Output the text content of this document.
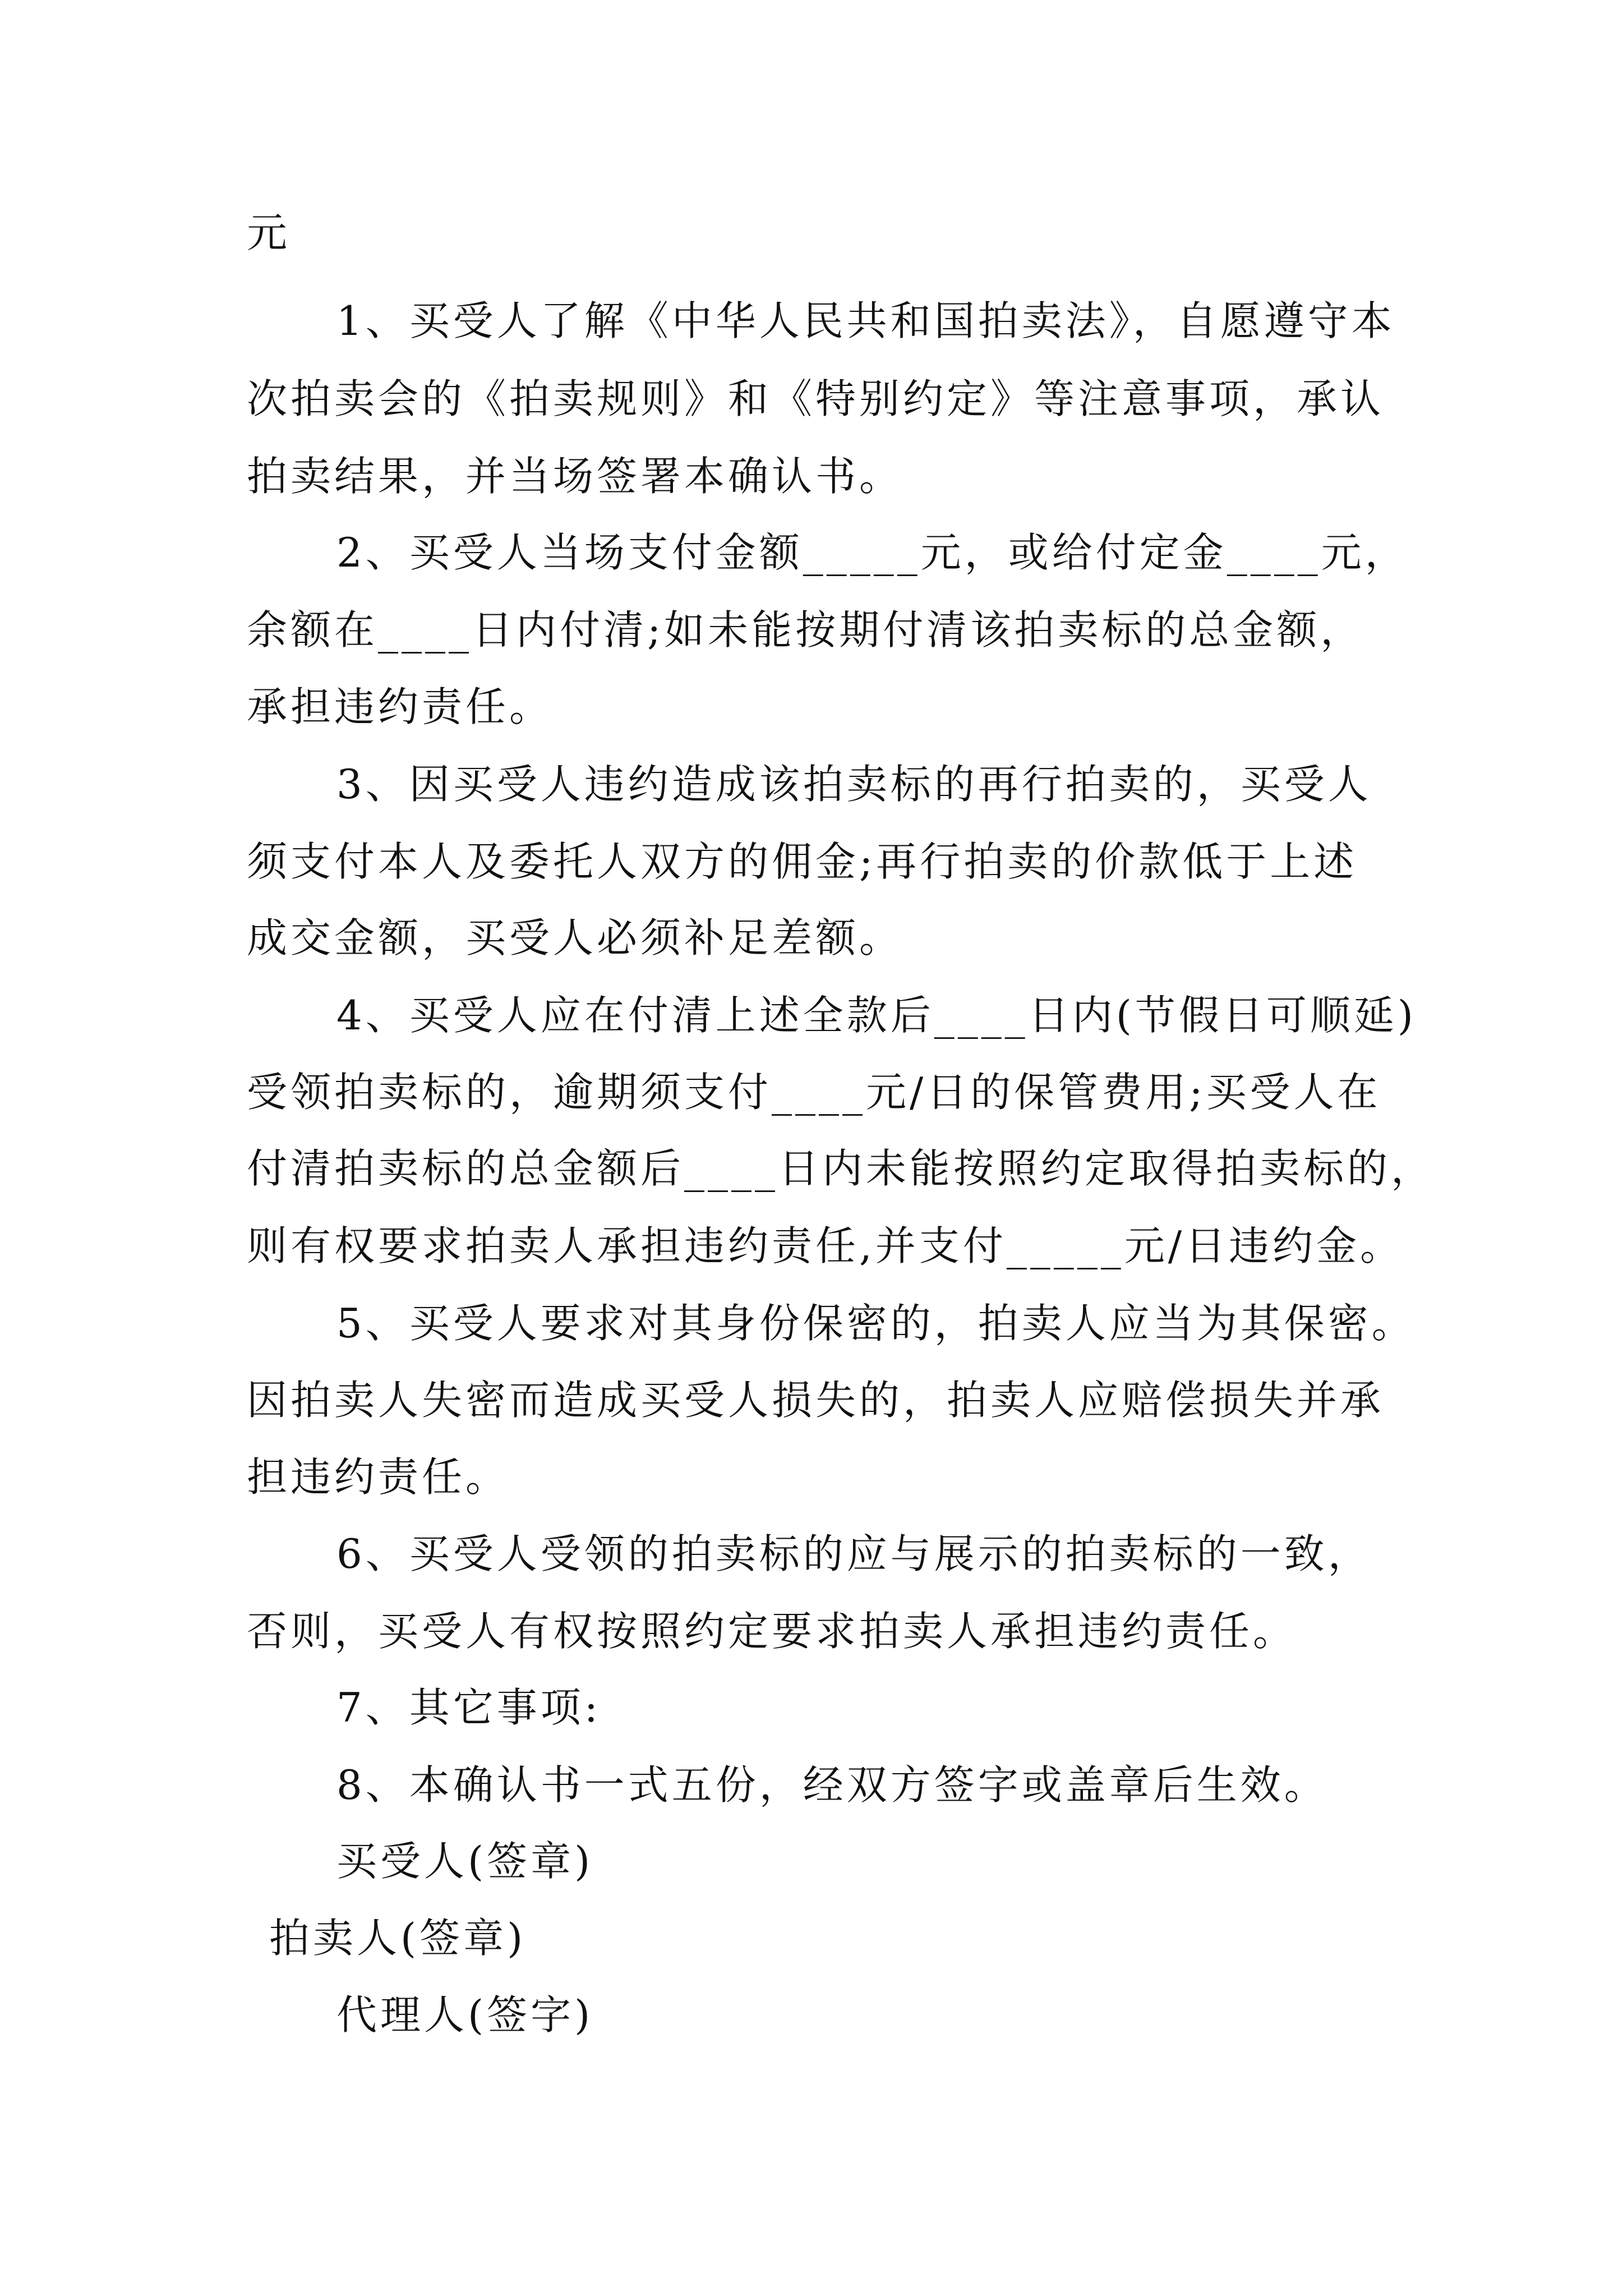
元
1、买受人了解《中华人民共和国拍卖法》，自愿遵守本
次拍卖会的《拍卖规则》和《特别约定》等注意事项，承认
拍卖结果，并当场签署本确认书。
2、买受人当场支付金额_____元，或给付定金____元，
余额在____日内付清;如未能按期付清该拍卖标的总金额，
承担违约责任。
3、因买受人违约造成该拍卖标的再行拍卖的，买受人
须支付本人及委托人双方的佣金;再行拍卖的价款低于上述
成交金额，买受人必须补足差额。
4、买受人应在付清上述全款后____日内(节假日可顺延)
受领拍卖标的，逾期须支付____元/日的保管费用;买受人在
付清拍卖标的总金额后____日内未能按照约定取得拍卖标的，
则有权要求拍卖人承担违约责任,并支付_____元/日违约金。
5、买受人要求对其身份保密的，拍卖人应当为其保密。
因拍卖人失密而造成买受人损失的，拍卖人应赔偿损失并承
担违约责任。
6、买受人受领的拍卖标的应与展示的拍卖标的一致，
否则，买受人有权按照约定要求拍卖人承担违约责任。
7、其它事项:
8、本确认书一式五份，经双方签字或盖章后生效。
买受人(签章)
拍卖人(签章)
代理人(签字)
